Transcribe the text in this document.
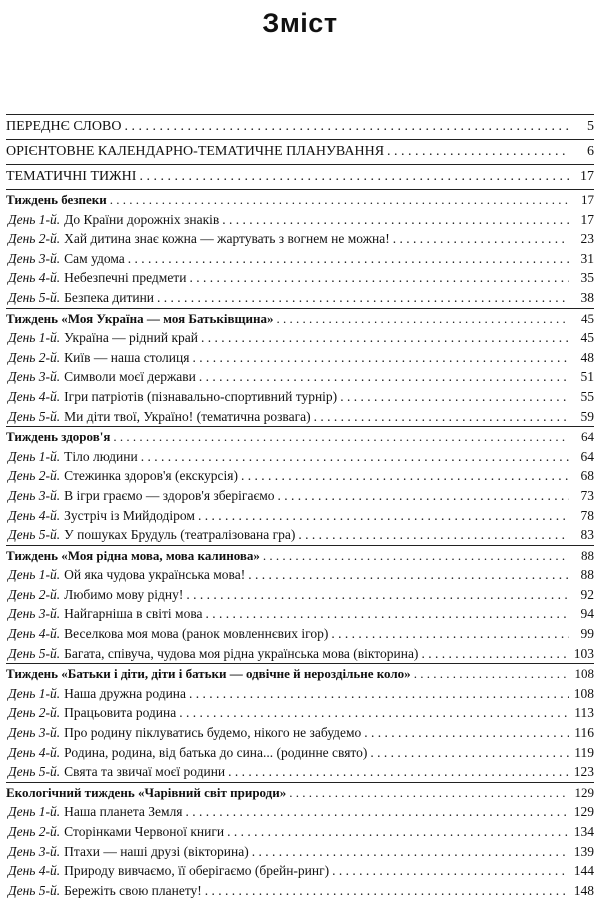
Зміст
ПЕРЕДНЄ СЛОВО . . .	5
ОРІЄНТОВНЕ КАЛЕНДАРНО-ТЕМАТИЧНЕ ПЛАНУВАННЯ . . .	6
ТЕМАТИЧНІ ТИЖНІ . . .	17
Тиждень безпеки . . .	17
День 1-й. До Країни дорожніх знаків . . .	17
День 2-й. Хай дитина знає кожна — жартувать з вогнем не можна! . . .	23
День 3-й. Сам удома . . .	31
День 4-й. Небезпечні предмети . . .	35
День 5-й. Безпека дитини . . .	38
Тиждень «Моя Україна — моя Батьківщина» . . .	45
День 1-й. Україна — рідний край . . .	45
День 2-й. Київ — наша столиця . . .	48
День 3-й. Символи моєї держави . . .	51
День 4-й. Ігри патріотів (пізнавально-спортивний турнір) . . .	55
День 5-й. Ми діти твої, Україно! (тематична розвага) . . .	59
Тиждень здоров'я . . .	64
День 1-й. Тіло людини . . .	64
День 2-й. Стежинка здоров'я (екскурсія) . . .	68
День 3-й. В ігри граємо — здоров'я зберігаємо . . .	73
День 4-й. Зустріч із Мийдодіром . . .	78
День 5-й. У пошуках Брудуль (театралізована гра) . . .	83
Тиждень «Моя рідна мова, мова калинова» . . .	88
День 1-й. Ой яка чудова українська мова! . . .	88
День 2-й. Любимо мову рідну! . . .	92
День 3-й. Найгарніша в світі мова . . .	94
День 4-й. Веселкова моя мова (ранок мовленнєвих ігор) . . .	99
День 5-й. Багата, співуча, чудова моя рідна українська мова (вікторина) . . .	103
Тиждень «Батьки і діти, діти і батьки — одвічне й нероздільне коло» . . .	108
День 1-й. Наша дружна родина . . .	108
День 2-й. Працьовита родина . . .	113
День 3-й. Про родину піклуватись будемо, нікого не забудемо . . .	116
День 4-й. Родина, родина, від батька до сина... (родинне свято) . . .	119
День 5-й. Свята та звичаї моєї родини . . .	123
Екологічний тиждень «Чарівний світ природи» . . .	129
День 1-й. Наша планета Земля . . .	129
День 2-й. Сторінками Червоної книги . . .	134
День 3-й. Птахи — наші друзі (вікторина) . . .	139
День 4-й. Природу вивчаємо, її оберігаємо (брейн-ринг) . . .	144
День 5-й. Бережіть свою планету! . . .	148
